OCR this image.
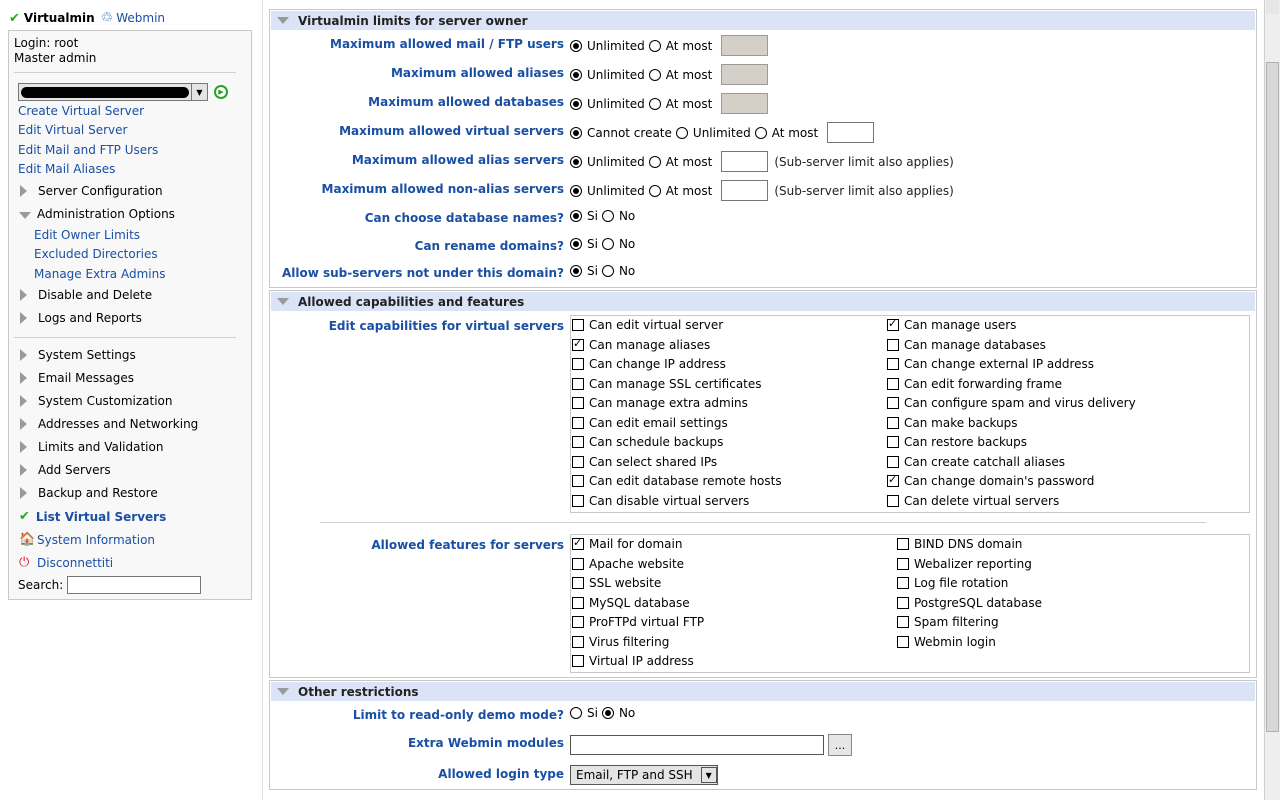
✔ Virtualmin ♲ Webmin
Login: root
Master admin
▼	▶
Create Virtual Server
Edit Virtual Server
Edit Mail and FTP Users
Edit Mail Aliases
Server Configuration
Administration Options
Edit Owner Limits
Excluded Directories
Manage Extra Admins
Disable and Delete
Logs and Reports
System Settings
Email Messages
System Customization
Addresses and Networking
Limits and Validation
Add Servers
Backup and Restore
✔ List Virtual Servers
🏠 System Information
⏻ Disconnettiti
Search:
Virtualmin limits for server owner
Maximum allowed mail / FTP users Unlimited At most
Maximum allowed aliases Unlimited At most
Maximum allowed databases Unlimited At most
Maximum allowed virtual servers Cannot create Unlimited At most
Maximum allowed alias servers Unlimited At most	(Sub-server limit also applies)
Maximum allowed non-alias servers Unlimited At most	(Sub-server limit also applies)
Can choose database names? Si No
Can rename domains? Si No
Allow sub-servers not under this domain? Si No
Allowed capabilities and features
Edit capabilities for virtual servers Can edit virtual server
✓
Can manage aliases
Can change IP address
Can manage SSL certificates
Can manage extra admins
Can edit email settings
Can schedule backups
Can select shared IPs
Can edit database remote hosts
Can disable virtual servers
✓
Can manage users
Can manage databases
Can change external IP address
Can edit forwarding frame
Can configure spam and virus delivery
Can make backups
Can restore backups
Can create catchall aliases
✓
Can change domain's password
Can delete virtual servers
Allowed features for servers
✓ Mail for domain
Apache website
SSL website
MySQL database
ProFTPd virtual FTP
Virus filtering
Virtual IP address
BIND DNS domain
Webalizer reporting
Log file rotation
PostgreSQL database
Spam filtering
Webmin login
Other restrictions
Limit to read-only demo mode? Si No
Extra Webmin modules	...
Allowed login type Email, FTP and SSH	▼
